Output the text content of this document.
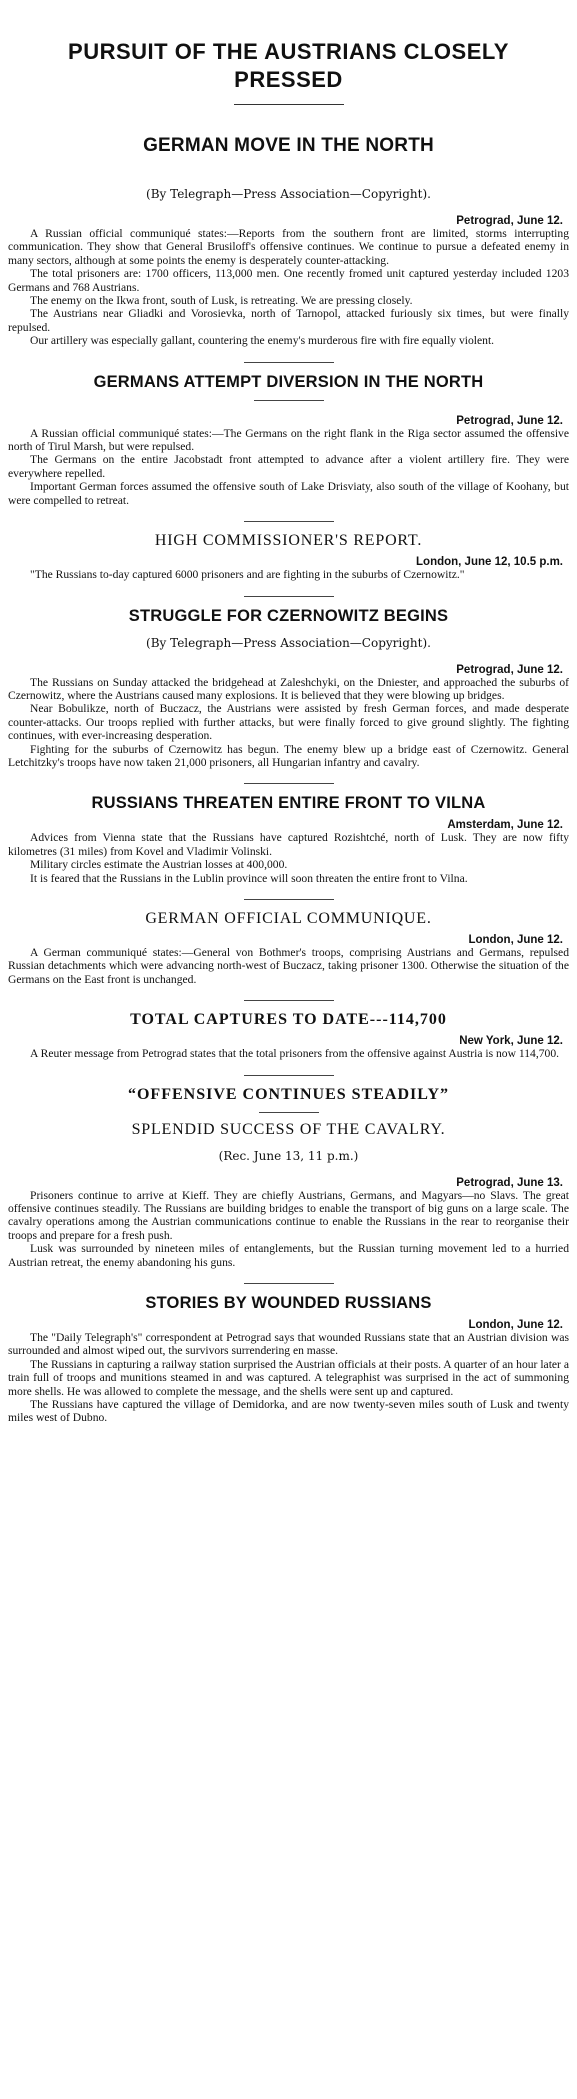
PURSUIT OF THE AUSTRIANS CLOSELY
PRESSED
GERMAN MOVE IN THE NORTH
(By Telegraph—Press Association—Copyright).
Petrograd, June 12.

A Russian official communiqué states:—Reports from the southern front are limited, storms interrupting communication. They show that General Brusiloff's offensive continues. We continue to pursue a defeated enemy in many sectors, although at some points the enemy is desperately counter-attacking.

The total prisoners are: 1700 officers, 113,000 men. One recently fromed unit captured yesterday included 1203 Germans and 768 Austrians.

The enemy on the Ikwa front, south of Lusk, is retreating. We are pressing closely.

The Austrians near Gliadki and Vorosievka, north of Tarnopol, attacked furiously six times, but were finally repulsed.

Our artillery was especially gallant, countering the enemy's murderous fire with fire equally violent.

GERMANS ATTEMPT DIVERSION IN THE NORTH
Petrograd, June 12.

A Russian official communiqué states:—The Germans on the right flank in the Riga sector assumed the offensive north of Tirul Marsh, but were repulsed.

The Germans on the entire Jacobstadt front attempted to advance after a violent artillery fire. They were everywhere repelled.

Important German forces assumed the offensive south of Lake Drisviaty, also south of the village of Koohany, but were compelled to retreat.

HIGH COMMISSIONER'S REPORT.
London, June 12, 10.5 p.m.

"The Russians to-day captured 6000 prisoners and are fighting in the suburbs of Czernowitz."

STRUGGLE FOR CZERNOWITZ BEGINS
(By Telegraph—Press Association—Copyright).
Petrograd, June 12.

The Russians on Sunday attacked the bridgehead at Zaleshchyki, on the Dniester, and approached the suburbs of Czernowitz, where the Austrians caused many explosions. It is believed that they were blowing up bridges.

Near Bobulikze, north of Buczacz, the Austrians were assisted by fresh German forces, and made desperate counter-attacks. Our troops replied with further attacks, but were finally forced to give ground slightly. The fighting continues, with ever-increasing desperation.

Fighting for the suburbs of Czernowitz has begun. The enemy blew up a bridge east of Czernowitz. General Letchitzky's troops have now taken 21,000 prisoners, all Hungarian infantry and cavalry.

RUSSIANS THREATEN ENTIRE FRONT TO VILNA
Amsterdam, June 12.

Advices from Vienna state that the Russians have captured Rozishtché, north of Lusk. They are now fifty kilometres (31 miles) from Kovel and Vladimir Volinski.

Military circles estimate the Austrian losses at 400,000.

It is feared that the Russians in the Lublin province will soon threaten the entire front to Vilna.

GERMAN OFFICIAL COMMUNIQUE.
London, June 12.

A German communiqué states:—General von Bothmer's troops, comprising Austrians and Germans, repulsed Russian detachments which were advancing north-west of Buczacz, taking prisoner 1300. Otherwise the situation of the Germans on the East front is unchanged.

TOTAL CAPTURES TO DATE---114,700
New York, June 12.

A Reuter message from Petrograd states that the total prisoners from the offensive against Austria is now 114,700.

“OFFENSIVE CONTINUES STEADILY”
SPLENDID SUCCESS OF THE CAVALRY.
(Rec. June 13, 11 p.m.)
Petrograd, June 13.

Prisoners continue to arrive at Kieff. They are chiefly Austrians, Germans, and Magyars—no Slavs. The great offensive continues steadily. The Russians are building bridges to enable the transport of big guns on a large scale. The cavalry operations among the Austrian communications continue to enable the Russians in the rear to reorganise their troops and prepare for a fresh push.

Lusk was surrounded by nineteen miles of entanglements, but the Russian turning movement led to a hurried Austrian retreat, the enemy abandoning his guns.

STORIES BY WOUNDED RUSSIANS
London, June 12.

The "Daily Telegraph's" correspondent at Petrograd says that wounded Russians state that an Austrian division was surrounded and almost wiped out, the survivors surrendering en masse.

The Russians in capturing a railway station surprised the Austrian officials at their posts. A quarter of an hour later a train full of troops and munitions steamed in and was captured. A telegraphist was surprised in the act of summoning more shells. He was allowed to complete the message, and the shells were sent up and captured.

The Russians have captured the village of Demidorka, and are now twenty-seven miles south of Lusk and twenty miles west of Dubno.
